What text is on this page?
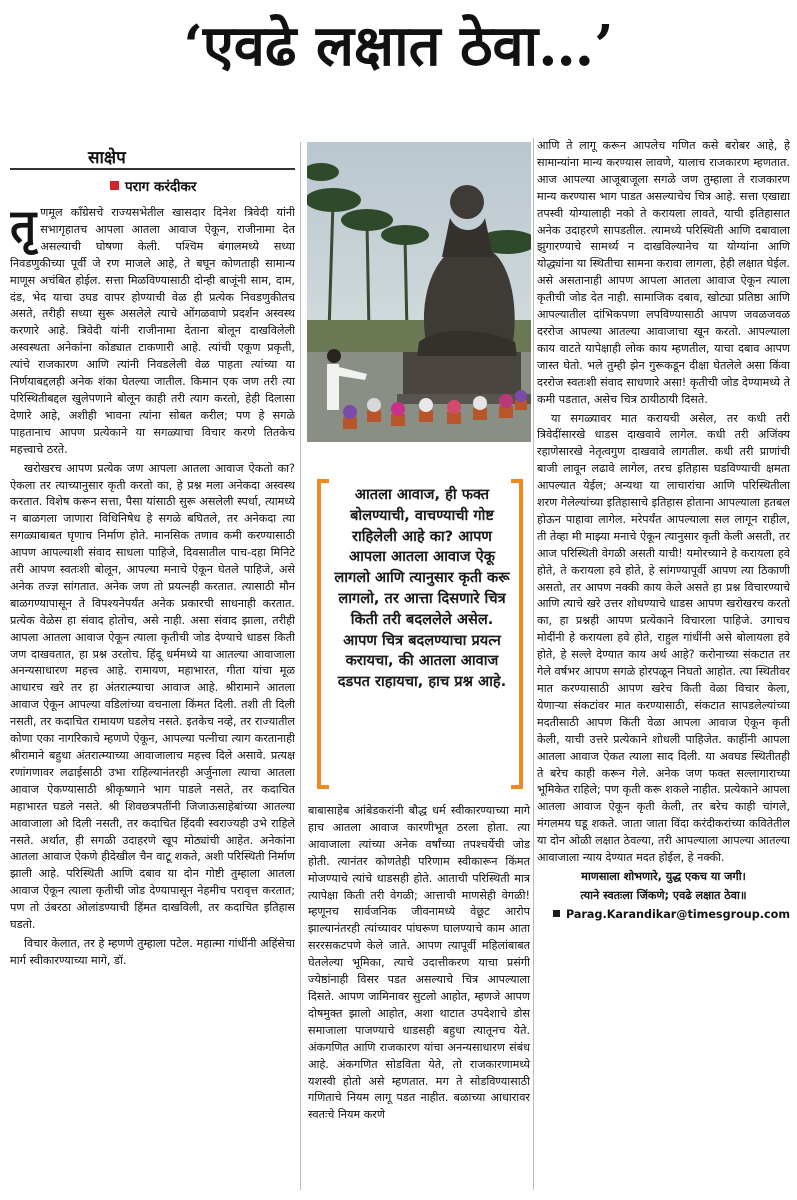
‘एवढे लक्षात ठेवा…’
साक्षेप
पराग करंदीकर

तृणमूल काँग्रेसचे राज्यसभेतील खासदार दिनेश त्रिवेदी यांनी सभागृहातच आपला आतला आवाज ऐकून, राजीनामा देत असल्याची घोषणा केली. पश्चिम बंगालमध्ये सध्या निवडणुकीच्या पूर्वी जे रण माजले आहे, ते बघून कोणताही सामान्य माणूस अचंबित होईल. सत्ता मिळविण्यासाठी दोन्ही बाजूंनी साम, दाम, दंड, भेद याचा उघड वापर होण्याची वेळ ही प्रत्येक निवडणुकीतच असते, तरीही सध्या सुरू असलेले त्याचे ओंगळवाणे प्रदर्शन अस्वस्थ करणारे आहे. त्रिवेदी यांनी राजीनामा देताना बोलून दाखविलेली अस्वस्थता अनेकांना कोड्यात टाकणारी आहे. त्यांची एकूण प्रकृती, त्यांचे राजकारण आणि त्यांनी निवडलेली वेळ पाहता त्यांच्या या निर्णयाबद्दलही अनेक शंका घेतल्या जातील. किमान एक जण तरी त्या परिस्थितीबद्दल खुलेपणाने बोलून काही तरी त्याग करतो, हेही दिलासा देणारे आहे, अशीही भावना त्यांना सोबत करील; पण हे सगळे पाहतानाच आपण प्रत्येकाने या सगळ्याचा विचार करणे तितकेच महत्त्वाचे ठरते.

खरोखरच आपण प्रत्येक जण आपला आतला आवाज ऐकतो का? ऐकला तर त्याच्यानुसार कृती करतो का, हे प्रश्न मला अनेकदा अस्वस्थ करतात. विशेष करून सत्ता, पैसा यांसाठी सुरू असलेली स्पर्धा, त्यामध्ये न बाळगला जाणारा विधिनिषेध हे सगळे बघितले, तर अनेकदा त्या सगळ्याबाबत घृणाच निर्माण होते. मानसिक तणाव कमी करण्यासाठी आपण आपल्याशी संवाद साधला पाहिजे, दिवसातील पाच-दहा मिनिटे तरी आपण स्वतःशी बोलून, आपल्या मनाचे ऐकून घेतले पाहिजे, असे अनेक तज्ज्ञ सांगतात. अनेक जण तो प्रयत्नही करतात. त्यासाठी मौन बाळगण्यापासून ते विपश्यनेपर्यंत अनेक प्रकारची साधनाही करतात. प्रत्येक वेळेस हा संवाद होतोच, असे नाही. असा संवाद झाला, तरीही आपला आतला आवाज ऐकून त्याला कृतीची जोड देण्याचे धाडस किती जण दाखवतात, हा प्रश्न उरतोच. हिंदू धर्ममध्ये या आतल्या आवाजाला अनन्यसाधारण महत्त्व आहे. रामायण, महाभारत, गीता यांचा मूळ आधारच खरे तर हा अंतरात्म्याचा आवाज आहे. श्रीरामाने आतला आवाज ऐकून आपल्या वडिलांच्या वचनाला किंमत दिली. तशी ती दिली नसती, तर कदाचित रामायण घडलेच नसते. इतकेच नव्हे, तर राज्यातील कोणा एका नागरिकाचे म्हणणे ऐकून, आपल्या पत्नीचा त्याग करतानाही श्रीरामाने बहुधा अंतरात्म्याच्या आवाजालाच महत्त्व दिले असावे. प्रत्यक्ष रणांगणावर लढाईसाठी उभा राहिल्यानंतरही अर्जुनाला त्याचा आतला आवाज ऐकण्यासाठी श्रीकृष्णाने भाग पाडले नसते, तर कदाचित महाभारत घडले नसते. श्री शिवछत्रपतींनी जिजाऊसाहेबांच्या आतल्या आवाजाला ओ दिली नसती, तर कदाचित हिंदवी स्वराज्यही उभे राहिले नसते. अर्थात, ही सगळी उदाहरणे खूप मोठ्यांची आहेत. अनेकांना आतला आवाज ऐकणे हीदेखील चैन वाटू शकते, अशी परिस्थिती निर्माण झाली आहे. परिस्थिती आणि दबाव या दोन गोष्टी तुम्हाला आतला आवाज ऐकून त्याला कृतीची जोड देण्यापासून नेहमीच परावृत्त करतात; पण तो उंबरठा ओलांडण्याची हिंमत दाखविली, तर कदाचित इतिहास घडतो.

विचार केलात, तर हे म्हणणे तुम्हाला पटेल. महात्मा गांधींनी अहिंसेचा मार्ग स्वीकारण्याच्या मागे, डॉ.

आतला आवाज, ही फक्त बोलण्याची, वाचण्याची गोष्ट राहिलेली आहे का? आपण आपला आतला आवाज ऐकू लागलो आणि त्यानुसार कृती करू लागलो, तर आत्ता दिसणारे चित्र किती तरी बदललेले असेल. आपण चित्र बदलण्याचा प्रयत्न करायचा, की आतला आवाज दडपत राहायचा, हाच प्रश्न आहे.

बाबासाहेब आंबेडकरांनी बौद्ध धर्म स्वीकारण्याच्या मागे हाच आतला आवाज कारणीभूत ठरला होता. त्या आवाजाला त्यांच्या अनेक वर्षांच्या तपश्चर्येची जोड होती. त्यानंतर कोणतेही परिणाम स्वीकारून किंमत मोजण्याचे त्यांचे धाडसही होते. आताची परिस्थिती मात्र त्यापेक्षा किती तरी वेगळी; आत्ताची माणसेही वेगळी! म्हणूनच सार्वजनिक जीवनामध्ये वेछूट आरोप झाल्यानंतरही त्यांच्यावर पांघरूण घालण्याचे काम आता सररसकटपणे केले जाते. आपण त्यापूर्वी महिलांबाबत घेतलेल्या भूमिका, त्याचे उदात्तीकरण याचा प्रसंगी ज्येष्ठांनाही विसर पडत असल्याचे चित्र आपल्याला दिसते. आपण जामिनावर सुटलो आहोत, म्हणजे आपण दोषमुक्त झालो आहोत, अशा थाटात उपदेशाचे डोस समाजाला पाजण्याचे धाडसही बहुधा त्यातूनच येते. अंकगणित आणि राजकारण यांचा अनन्यसाधारण संबंध आहे. अंकगणित सोडविता येते, तो राजकारणामध्ये यशस्वी होतो असे म्हणतात. मग ते सोडविण्यासाठी गणिताचे नियम लागू पडत नाहीत. बळाच्या आधारावर स्वतःचे नियम करणे

आणि ते लागू करून आपलेच गणित कसे बरोबर आहे, हे सामान्यांना मान्य करण्यास लावणे, यालाच राजकारण म्हणतात. आज आपल्या आजूबाजूला सगळे जण तुम्हाला ते राजकारण मान्य करण्यास भाग पाडत असल्याचेच चित्र आहे. सत्ता एखाद्या तपस्वी योग्यालाही नको ते करायला लावते, याची इतिहासात अनेक उदाहरणे सापडतील. त्यामध्ये परिस्थिती आणि दबावाला झुगारण्याचे सामर्थ्य न दाखविल्यानेच या योग्यांना आणि योद्ध्यांना या स्थितीचा सामना करावा लागला, हेही लक्षात घेईल. असे असतानाही आपण आपला आतला आवाज ऐकून त्याला कृतीची जोड देत नाही. सामाजिक दबाव, खोट्या प्रतिष्ठा आणि आपल्यातील दांभिकपणा लपविण्यासाठी आपण जवळजवळ दररोज आपल्या आतल्या आवाजाचा खून करतो. आपल्याला काय वाटते यापेक्षाही लोक काय म्हणतील, याचा दबाव आपण जास्त घेतो. भले तुम्ही झेन गुरूकडून दीक्षा घेतलेले असा किंवा दररोज स्वतःशी संवाद साधणारे असा! कृतीची जोड देण्यामध्ये ते कमी पडतात, असेच चित्र ठायीठायी दिसते.

या सगळ्यावर मात करायची असेल, तर कधी तरी त्रिवेदींसारखे धाडस दाखवावे लागेल. कधी तरी अजिंक्य रहाणेसारखे नेतृत्वगुण दाखवावे लागतील. कधी तरी प्राणांची बाजी लावून लढावे लागेल, तरच इतिहास घडविण्याची क्षमता आपल्यात येईल; अन्यथा या लाचारांचा आणि परिस्थितीला शरण गेलेल्यांच्या इतिहासाचे इतिहास होताना आपल्याला हतबल होऊन पाहावा लागेल. मरेपर्यंत आपल्याला सल लागून राहील, ती तेव्हा मी माझ्या मनाचे ऐकून त्यानुसार कृती केली असती, तर आज परिस्थिती वेगळी असती याची! यमोरच्याने हे करायला हवे होते, ते करायला हवे होते, हे सांगण्यापूर्वी आपण त्या ठिकाणी असतो, तर आपण नक्की काय केले असते हा प्रश्न विचारण्याचे आणि त्याचे खरे उत्तर शोधण्याचे धाडस आपण खरोखरच करतो का, हा प्रश्नही आपण प्रत्येकाने विचारला पाहिजे. उगाचच मोदींनी हे करायला हवे होते, राहुल गांधींनी असे बोलायला हवे होते, हे सल्ले देण्यात काय अर्थ आहे? करोनाच्या संकटात तर गेले वर्षभर आपण सगळे होरपळून निघतो आहोत. त्या स्थितीवर मात करण्यासाठी आपण खरेच किती वेळा विचार केला, येणाऱ्या संकटांवर मात करण्यासाठी, संकटात सापडलेल्यांच्या मदतीसाठी आपण किती वेळा आपला आवाज ऐकून कृती केली, याची उत्तरे प्रत्येकाने शोधली पाहिजेत. काहींनी आपला आतला आवाज ऐकत त्याला साद दिली. या अवघड स्थितीतही ते बरेच काही करून गेले. अनेक जण फक्त सल्लागाराच्या भूमिकेत राहिले; पण कृती करू शकले नाहीत. प्रत्येकाने आपला आतला आवाज ऐकून कृती केली, तर बरेच काही चांगले, मंगलमय घडू शकते. जाता जाता विंदा करंदीकरांच्या कवितेतील या दोन ओळी लक्षात ठेवल्या, तरी आपल्याला आपल्या आतल्या आवाजाला न्याय देण्यात मदत होईल, हे नक्की.

माणसाला शोभणारे, युद्ध एकच या जगी।

त्याने स्वतःला जिंकणे; एवढे लक्षात ठेवा॥

Parag.Karandikar@timesgroup.com
